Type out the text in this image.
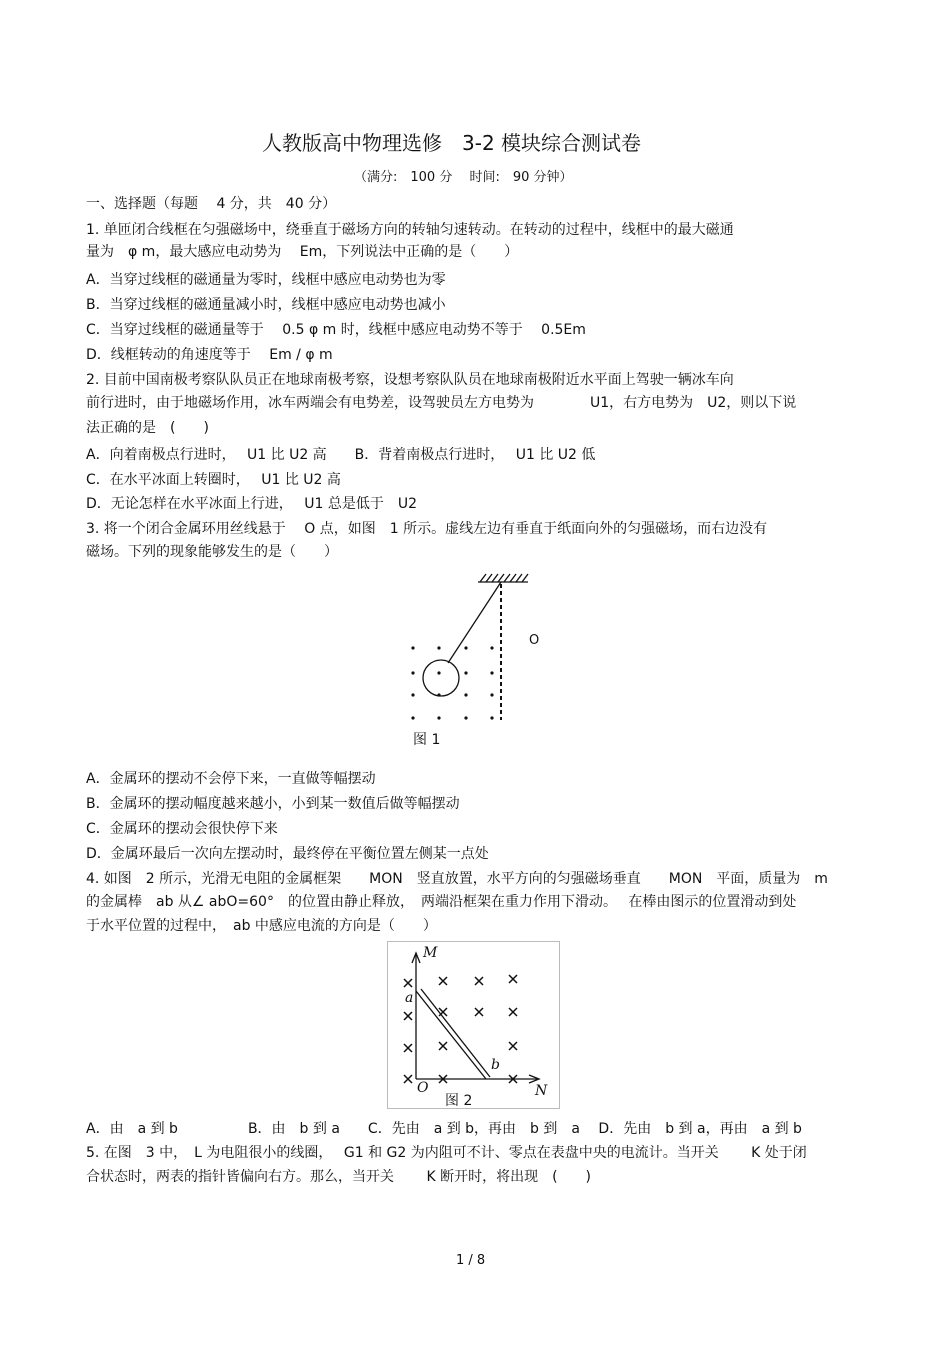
人教版高中物理选修　3-2 模块综合测试卷
（满分:　100 分　 时间:　90 分钟）
一、选择题（每题　 4 分，共　40 分）
1. 单匝闭合线框在匀强磁场中，绕垂直于磁场方向的转轴匀速转动。在转动的过程中，线框中的最大磁通
量为　φ m，最大感应电动势为　 Em，下列说法中正确的是（　　）
A．当穿过线框的磁通量为零时，线框中感应电动势也为零
B．当穿过线框的磁通量减小时，线框中感应电动势也减小
C．当穿过线框的磁通量等于　 0.5 φ m 时，线框中感应电动势不等于　 0.5Em
D．线框转动的角速度等于　 Em / φ m
2. 目前中国南极考察队队员正在地球南极考察，设想考察队队员在地球南极附近水平面上驾驶一辆冰车向
前行进时，由于地磁场作用，冰车两端会有电势差，设驾驶员左方电势为　　　　U1，右方电势为　U2，则以下说
法正确的是　(　　)
A．向着南极点行进时，　 U1 比 U2 高　　B．背着南极点行进时，　 U1 比 U2 低
C．在水平冰面上转圈时，　 U1 比 U2 高
D．无论怎样在水平冰面上行进，　 U1 总是低于　U2
3. 将一个闭合金属环用丝线悬于　 O 点，如图　1 所示。虚线左边有垂直于纸面向外的匀强磁场，而右边没有
磁场。下列的现象能够发生的是（　　）
O
图 1
A．金属环的摆动不会停下来，一直做等幅摆动
B．金属环的摆动幅度越来越小，小到某一数值后做等幅摆动
C．金属环的摆动会很快停下来
D．金属环最后一次向左摆动时，最终停在平衡位置左侧某一点处
4. 如图　2 所示，光滑无电阻的金属框架　　MON　竖直放置，水平方向的匀强磁场垂直　　MON　平面，质量为　m
的金属棒　ab 从∠ abO=60°　的位置由静止释放，　两端沿框架在重力作用下滑动。　 在棒由图示的位置滑动到处
于水平位置的过程中，　ab 中感应电流的方向是（　　）
M
a
b
O	N
图 2
A．由　a 到 b　　　　　B．由　b 到 a　　C．先由　a 到 b，再由　b 到　a　 D．先由　b 到 a，再由　a 到 b
5. 在图　3 中，　L 为电阻很小的线圈，　 G1 和 G2 为内阻可不计、零点在表盘中央的电流计。当开关　　 K 处于闭
合状态时，两表的指针皆偏向右方。那么，当开关　　 K 断开时，将出现　(　　)
1 / 8
